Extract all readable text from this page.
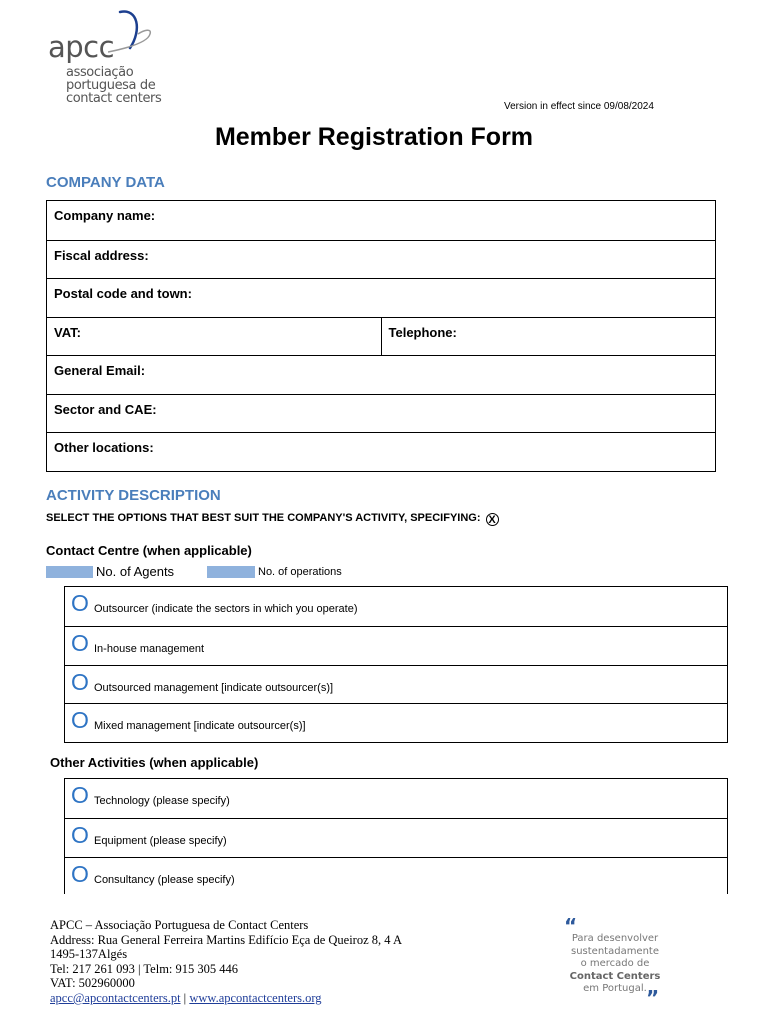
apcc
associação
portuguesa de
contact centers
Version in effect since 09/08/2024
Member Registration Form
COMPANY DATA
Company name:
Fiscal address:
Postal code and town:
VAT:	Telephone:
General Email:
Sector and CAE:
Other locations:
ACTIVITY DESCRIPTION
SELECT THE OPTIONS THAT BEST SUIT THE COMPANY'S ACTIVITY, SPECIFYING: X
Contact Centre (when applicable)
No. of Agents	No. of operations
O Outsourcer (indicate the sectors in which you operate)
O In-house management
O Outsourced management [indicate outsourcer(s)]
O Mixed management [indicate outsourcer(s)]
Other Activities (when applicable)
O Technology (please specify)
O Equipment (please specify)
O Consultancy (please specify)
APCC – Associação Portuguesa de Contact Centers
Address: Rua General Ferreira Martins Edifício Eça de Queiroz 8, 4 A
1495-137Algés
Tel: 217 261 093 | Telm: 915 305 446
VAT: 502960000
apcc@apcontactcenters.pt | www.apcontactcenters.org
“
Para desenvolver
sustentadamente
o mercado de
Contact Centers
em Portugal. ”
